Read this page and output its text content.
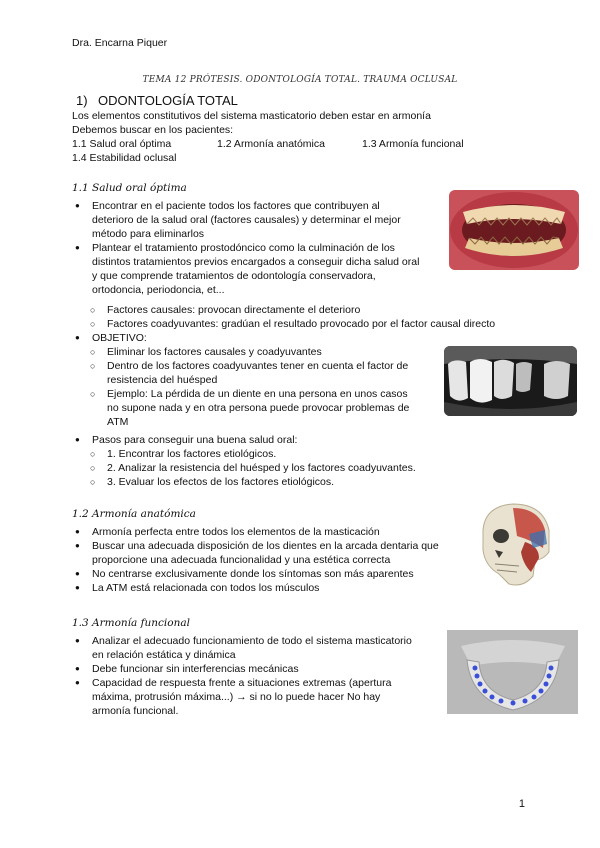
Dra. Encarna Piquer
TEMA 12 PRÓTESIS. ODONTOLOGÍA TOTAL. TRAUMA OCLUSAL
1) ODONTOLOGÍA TOTAL
Los elementos constitutivos del sistema masticatorio deben estar en armonía
Debemos buscar en los pacientes:
1.1 Salud oral óptima	1.2 Armonía anatómica	1.3 Armonía funcional
1.4 Estabilidad oclusal
1.1 Salud oral óptima
● Encontrar en el paciente todos los factores que contribuyen al
deterioro de la salud oral (factores causales) y determinar el mejor
método para eliminarlos
● Plantear el tratamiento prostodóncico como la culminación de los
distintos tratamientos previos encargados a conseguir dicha salud oral
y que comprende tratamientos de odontología conservadora,
ortodoncia, periodoncia, et...
○ Factores causales: provocan directamente el deterioro
○ Factores coadyuvantes: gradúan el resultado provocado por el factor causal directo
● OBJETIVO:
○ Eliminar los factores causales y coadyuvantes
○ Dentro de los factores coadyuvantes tener en cuenta el factor de
resistencia del huésped
○ Ejemplo: La pérdida de un diente en una persona en unos casos
no supone nada y en otra persona puede provocar problemas de
ATM
● Pasos para conseguir una buena salud oral:
○ 1. Encontrar los factores etiológicos.
○ 2. Analizar la resistencia del huésped y los factores coadyuvantes.
○ 3. Evaluar los efectos de los factores etiológicos.
1.2 Armonía anatómica
● Armonía perfecta entre todos los elementos de la masticación
● Buscar una adecuada disposición de los dientes en la arcada dentaria que
proporcione una adecuada funcionalidad y una estética correcta
● No centrarse exclusivamente donde los síntomas son más aparentes
● La ATM está relacionada con todos los músculos
1.3 Armonía funcional
● Analizar el adecuado funcionamiento de todo el sistema masticatorio
en relación estática y dinámica
● Debe funcionar sin interferencias mecánicas
● Capacidad de respuesta frente a situaciones extremas (apertura
máxima, protrusión máxima...) → si no lo puede hacer No hay
armonía funcional.
1
